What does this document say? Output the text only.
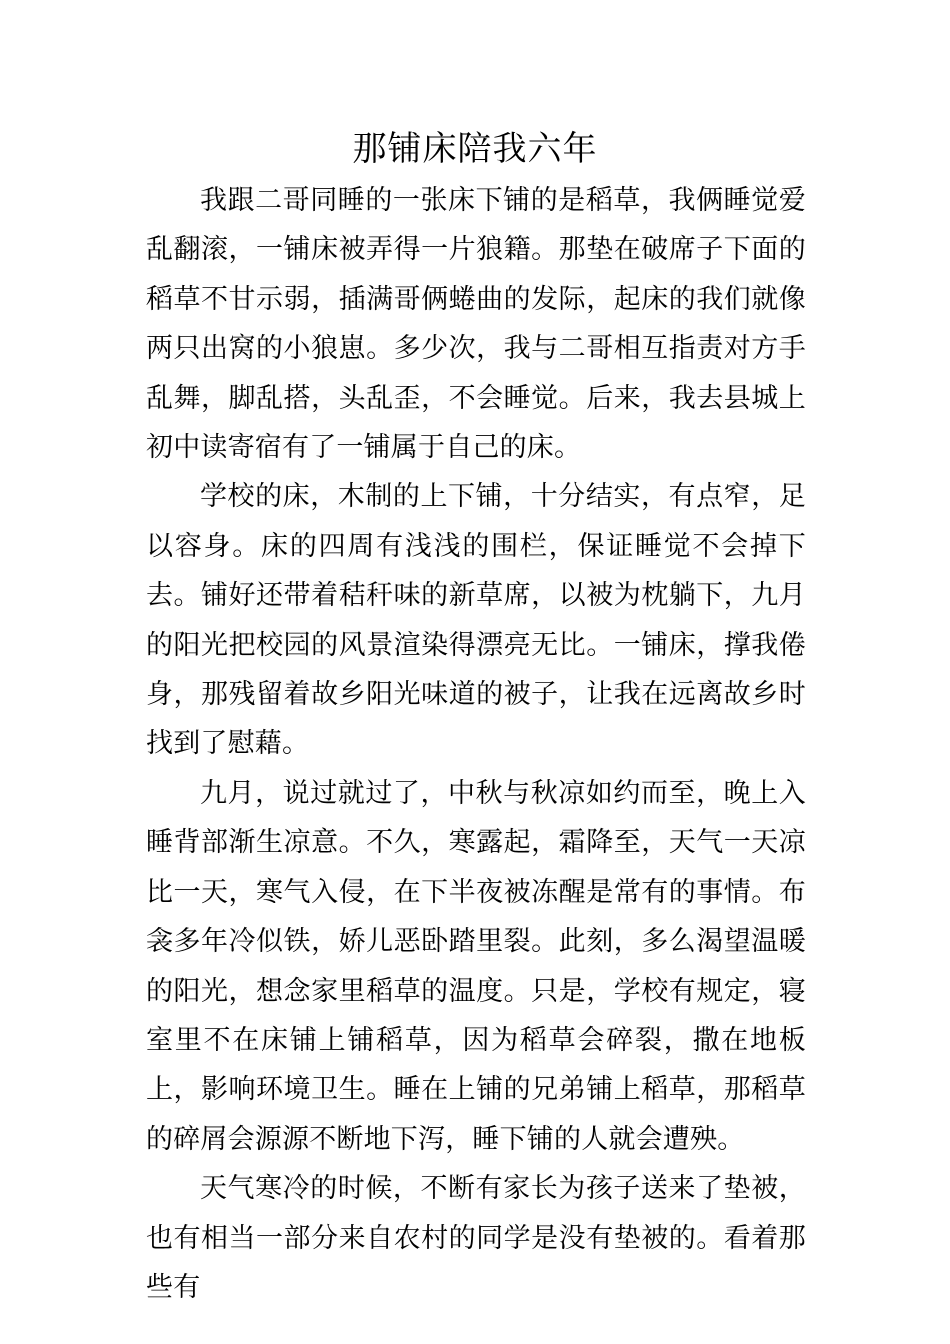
那铺床陪我六年

我跟二哥同睡的一张床下铺的是稻草，我俩睡觉爱乱翻滚，一铺床被弄得一片狼籍。那垫在破席子下面的稻草不甘示弱，插满哥俩蜷曲的发际，起床的我们就像两只出窝的小狼崽。多少次，我与二哥相互指责对方手乱舞，脚乱搭，头乱歪，不会睡觉。后来，我去县城上初中读寄宿有了一铺属于自己的床。

学校的床，木制的上下铺，十分结实，有点窄，足以容身。床的四周有浅浅的围栏，保证睡觉不会掉下去。铺好还带着秸秆味的新草席，以被为枕躺下，九月的阳光把校园的风景渲染得漂亮无比。一铺床，撑我倦身，那残留着故乡阳光味道的被子，让我在远离故乡时找到了慰藉。

九月，说过就过了，中秋与秋凉如约而至，晚上入睡背部渐生凉意。不久，寒露起，霜降至，天气一天凉比一天，寒气入侵，在下半夜被冻醒是常有的事情。布衾多年冷似铁，娇儿恶卧踏里裂。此刻，多么渴望温暖的阳光，想念家里稻草的温度。只是，学校有规定，寝室里不在床铺上铺稻草，因为稻草会碎裂，撒在地板上，影响环境卫生。睡在上铺的兄弟铺上稻草，那稻草的碎屑会源源不断地下泻，睡下铺的人就会遭殃。

天气寒冷的时候，不断有家长为孩子送来了垫被，也有相当一部分来自农村的同学是没有垫被的。看着那些有
